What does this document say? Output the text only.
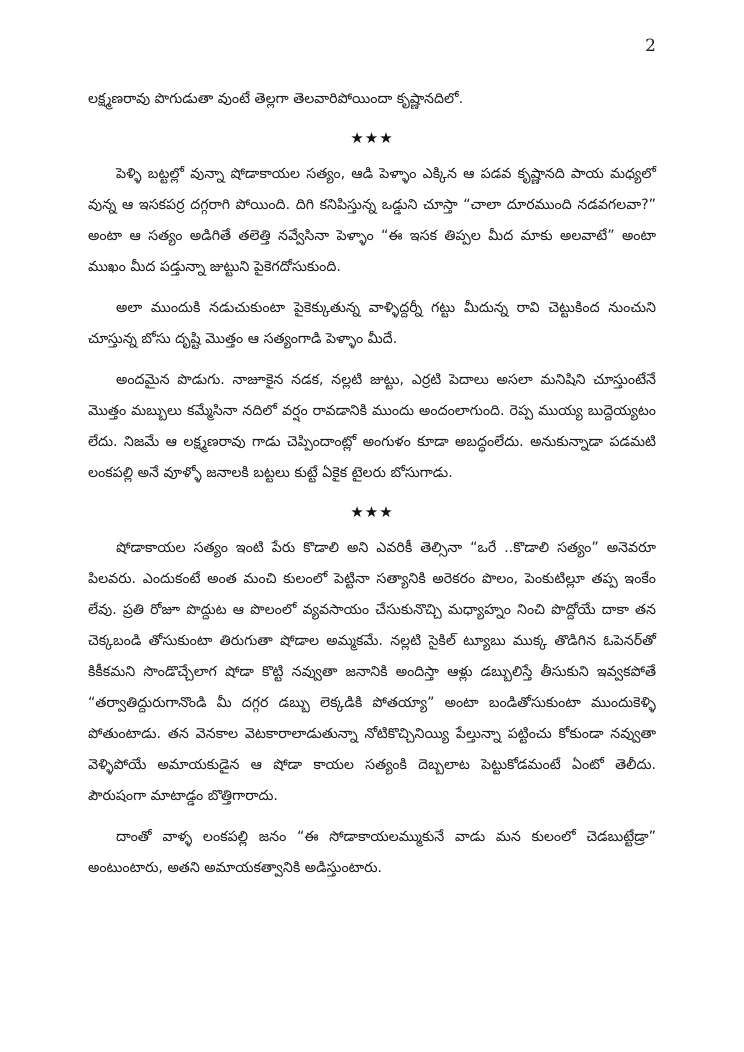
2

లక్ష్మణరావు పొగుడుతా వుంటే తెల్లగా తెలవారిపోయిందా కృష్ణానదిలో.

★★★

పెళ్ళి బట్టల్లో వున్నా షోడాకాయల సత్యం, ఆడి పెళ్ళాం ఎక్కిన ఆ పడవ కృష్ణానది పాయ మధ్యలో వున్న ఆ ఇసకపర్ర దగ్గరాగి పోయింది. దిగి కనిపిస్తున్న ఒడ్డుని చూస్తా “చాలా దూరముంది నడవగలవా?” అంటా ఆ సత్యం అడిగితే తలెత్తి నవ్వేసినా పెళ్ళాం “ఈ ఇసక తిప్పల మీద మాకు అలవాటే” అంటా ముఖం మీద పడ్తున్నా జుట్టుని పైకెగదోసుకుంది.

అలా ముందుకి నడుచుకుంటా పైకెక్కుతున్న వాళ్ళిద్దర్నీ గట్టు మీదున్న రావి చెట్టుకింద నుంచుని చూస్తున్న బోసు దృష్టి మొత్తం ఆ సత్యంగాడి పెళ్ళాం మీదే.

అందమైన పొడుగు. నాజూకైన నడక, నల్లటి జుట్టు, ఎర్రటి పెదాలు అసలా మనిషిని చూస్తుంటేనే మొత్తం మబ్బులు కమ్మేసినా నదిలో వర్షం రావడానికి ముందు అందంలాగుంది. రెప్ప ముయ్య బుద్దెయ్యటం లేదు. నిజమే ఆ లక్ష్మణరావు గాడు చెప్పిందాంట్లో అంగుళం కూడా అబద్ధంలేదు. అనుకున్నాడా పడమటి లంకపల్లి అనే వూళ్ళో జనాలకి బట్టలు కుట్టే ఏకైక టైలరు బోసుగాడు.

★★★

షోడాకాయల సత్యం ఇంటి పేరు కొడాలి అని ఎవరికీ తెల్సినా “ఒరే ..కొడాలి సత్యం” అనెవరూ పిలవరు. ఎందుకంటే అంత మంచి కులంలో పెట్టినా సత్యానికి అరెకరం పొలం, పెంకుటిల్లూ తప్ప ఇంకేం లేవు. ప్రతి రోజూ పొద్దుట ఆ పొలంలో వ్యవసాయం చేసుకునొచ్చి మధ్యాహ్నం నించి పొద్దోయే దాకా తన చెక్కబండి తోసుకుంటా తిరుగుతా షోడాల అమ్మకమే. నల్లటి సైకిల్ ట్యూబు ముక్క తొడిగిన ఓపెనర్‌తో కికీకమని సొండొచ్చేలాగ షోడా కొట్టి నవ్వుతా జనానికి అందిస్తా ఆళ్లు డబ్బులిస్తే తీసుకుని ఇవ్వకపోతే “తర్వాతిద్దురుగానొండి మీ దగ్గర డబ్బు లెక్కడికి పోతయ్యా” అంటా బండితోసుకుంటా ముందుకెళ్ళి పోతుంటాడు. తన వెనకాల వెటకారాలాడుతున్నా నోటికొచ్చినియ్యి పేల్తున్నా పట్టించు కోకుండా నవ్వుతా వెళ్ళిపోయే అమాయకుడైన ఆ షోడా కాయల సత్యంకి దెబ్బలాట పెట్టుకోడమంటే ఏంటో తెలీదు. పౌరుషంగా మాటాడ్డం బొత్తిగారాదు.

దాంతో వాళ్ళ లంకపల్లి జనం “ఈ సోడాకాయలమ్ముకునే వాడు మన కులంలో చెడబుట్టేడ్రా” అంటుంటారు, అతని అమాయకత్వానికి అడిస్తుంటారు.
